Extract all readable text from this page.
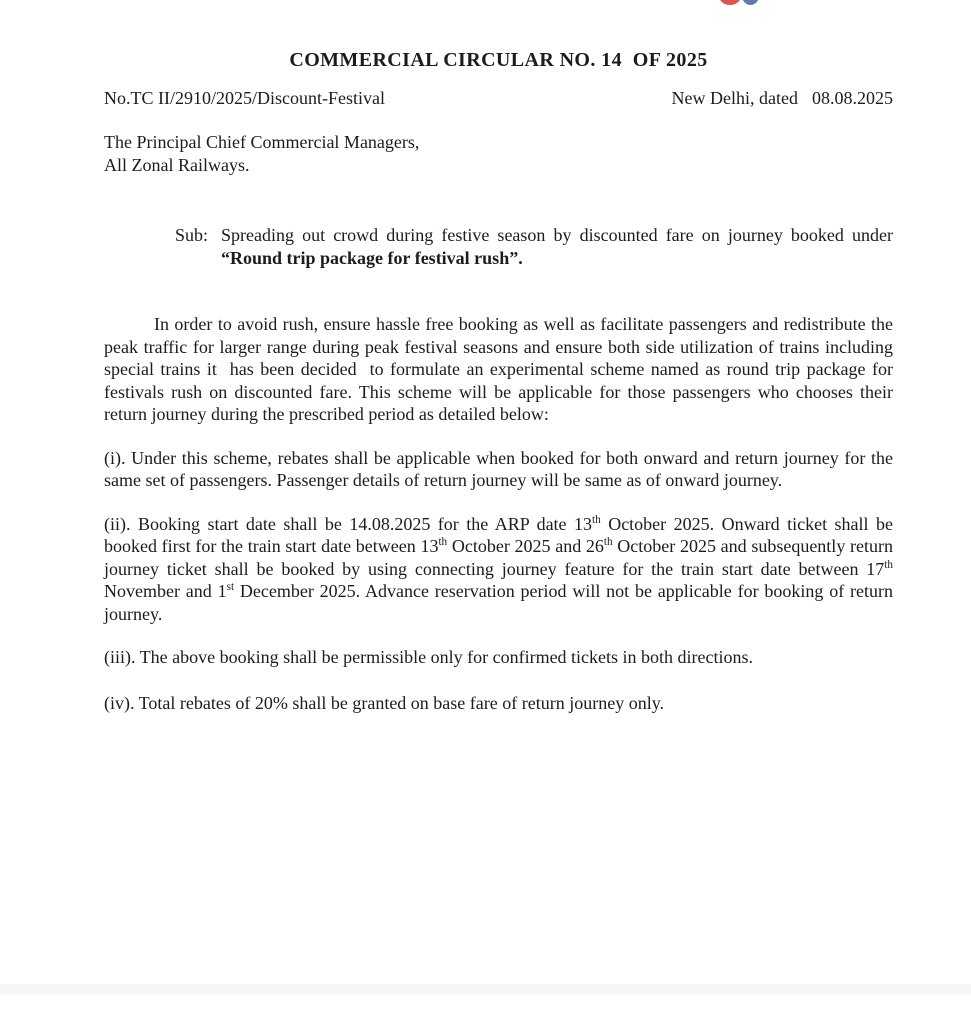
COMMERCIAL CIRCULAR NO. 14  OF 2025
No.TC II/2910/2025/Discount-Festival	New Delhi, dated 08.08.2025
The Principal Chief Commercial Managers,
All Zonal Railways.
Sub: Spreading out crowd during festive season by discounted fare on journey booked under “Round trip package for festival rush”.

In order to avoid rush, ensure hassle free booking as well as facilitate passengers and redistribute the peak traffic for larger range during peak festival seasons and ensure both side utilization of trains including special trains it  has been decided  to formulate an experimental scheme named as round trip package for festivals rush on discounted fare. This scheme will be applicable for those passengers who chooses their return journey during the prescribed period as detailed below:

(i). Under this scheme, rebates shall be applicable when booked for both onward and return journey for the same set of passengers. Passenger details of return journey will be same as of onward journey.

(ii). Booking start date shall be 14.08.2025 for the ARP date 13th October 2025. Onward ticket shall be booked first for the train start date between 13th October 2025 and 26th October 2025 and subsequently return journey ticket shall be booked by using connecting journey feature for the train start date between 17th November and 1st December 2025. Advance reservation period will not be applicable for booking of return journey.

(iii). The above booking shall be permissible only for confirmed tickets in both directions.

(iv). Total rebates of 20% shall be granted on base fare of return journey only.
